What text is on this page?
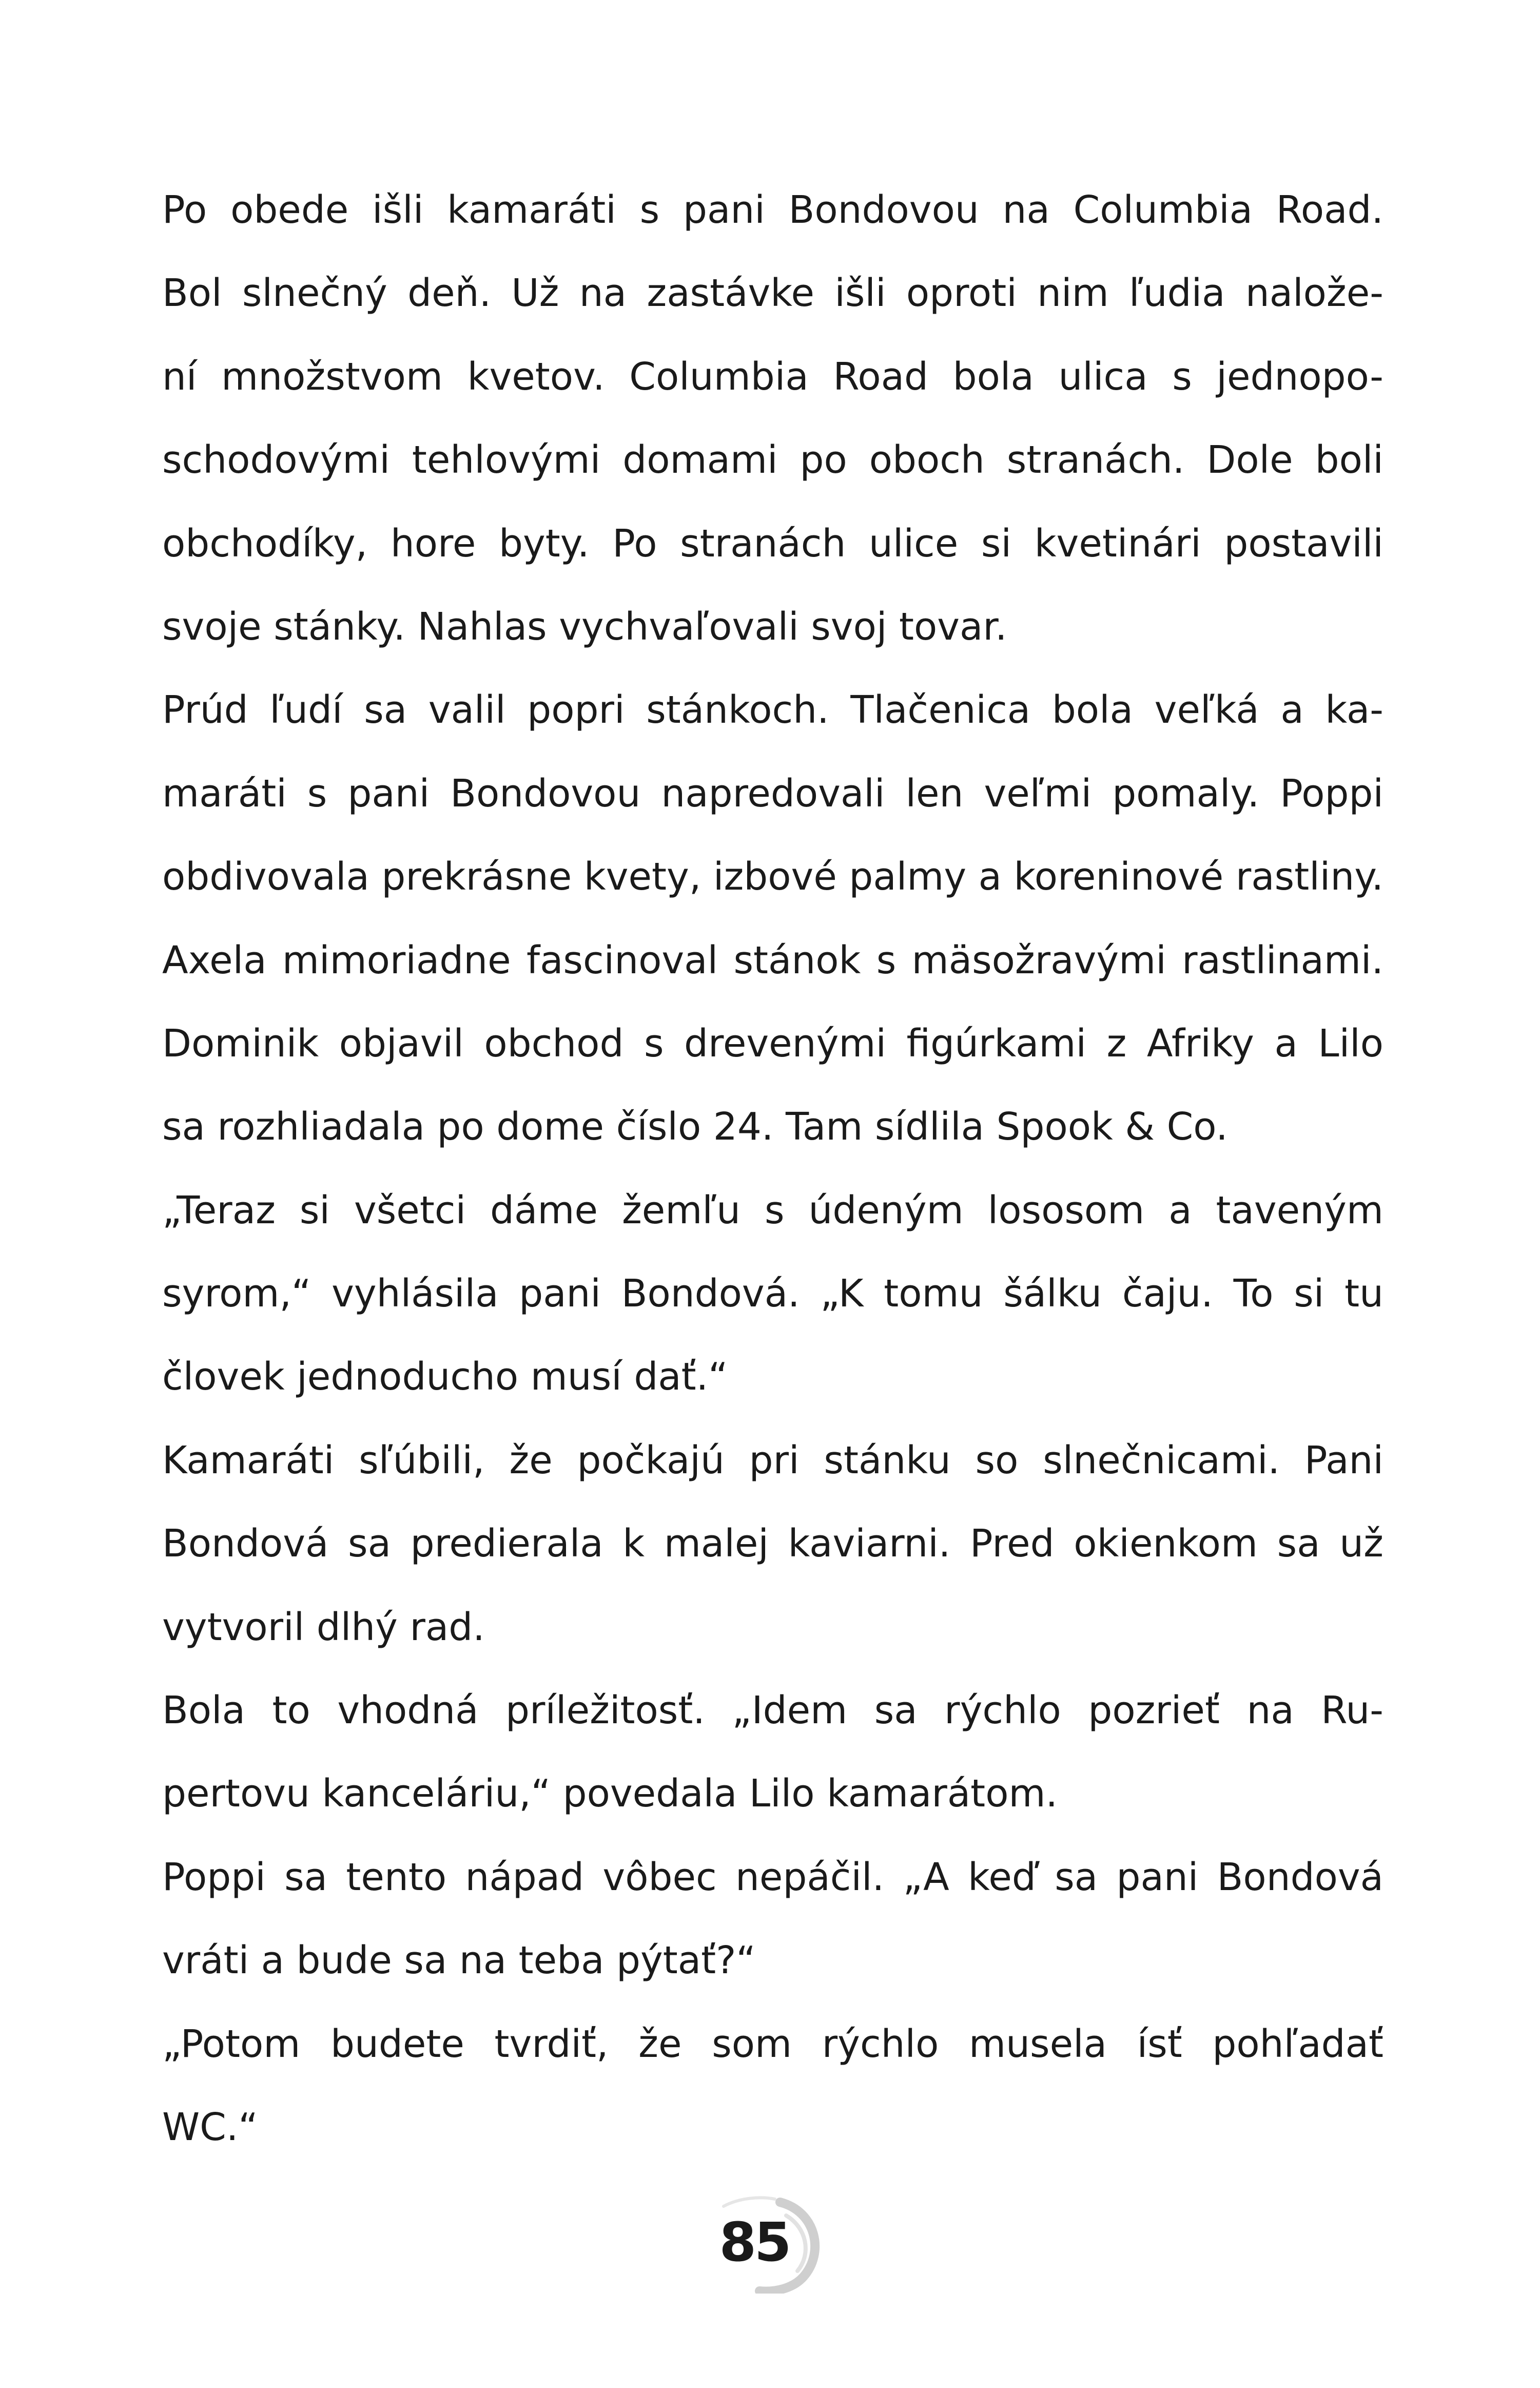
Po obede išli kamaráti s pani Bondovou na Columbia Road.
Bol slnečný deň. Už na zastávke išli oproti nim ľudia nalože-
ní množstvom kvetov. Columbia Road bola ulica s jednopo-
schodovými tehlovými domami po oboch stranách. Dole boli
obchodíky, hore byty. Po stranách ulice si kvetinári postavili
svoje stánky. Nahlas vychvaľovali svoj tovar.
Prúd ľudí sa valil popri stánkoch. Tlačenica bola veľká a ka-
maráti s pani Bondovou napredovali len veľmi pomaly. Poppi
obdivovala prekrásne kvety, izbové palmy a koreninové rastliny.
Axela mimoriadne fascinoval stánok s mäsožravými rastlinami.
Dominik objavil obchod s drevenými figúrkami z Afriky a Lilo
sa rozhliadala po dome číslo 24. Tam sídlila Spook & Co.
„Teraz si všetci dáme žemľu s údeným lososom a taveným
syrom,“ vyhlásila pani Bondová. „K tomu šálku čaju. To si tu
človek jednoducho musí dať.“
Kamaráti sľúbili, že počkajú pri stánku so slnečnicami. Pani
Bondová sa predierala k malej kaviarni. Pred okienkom sa už
vytvoril dlhý rad.
Bola to vhodná príležitosť. „Idem sa rýchlo pozrieť na Ru-
pertovu kanceláriu,“ povedala Lilo kamarátom.
Poppi sa tento nápad vôbec nepáčil. „A keď sa pani Bondová
vráti a bude sa na teba pýtať?“
„Potom budete tvrdiť, že som rýchlo musela ísť pohľadať
WC.“
85
